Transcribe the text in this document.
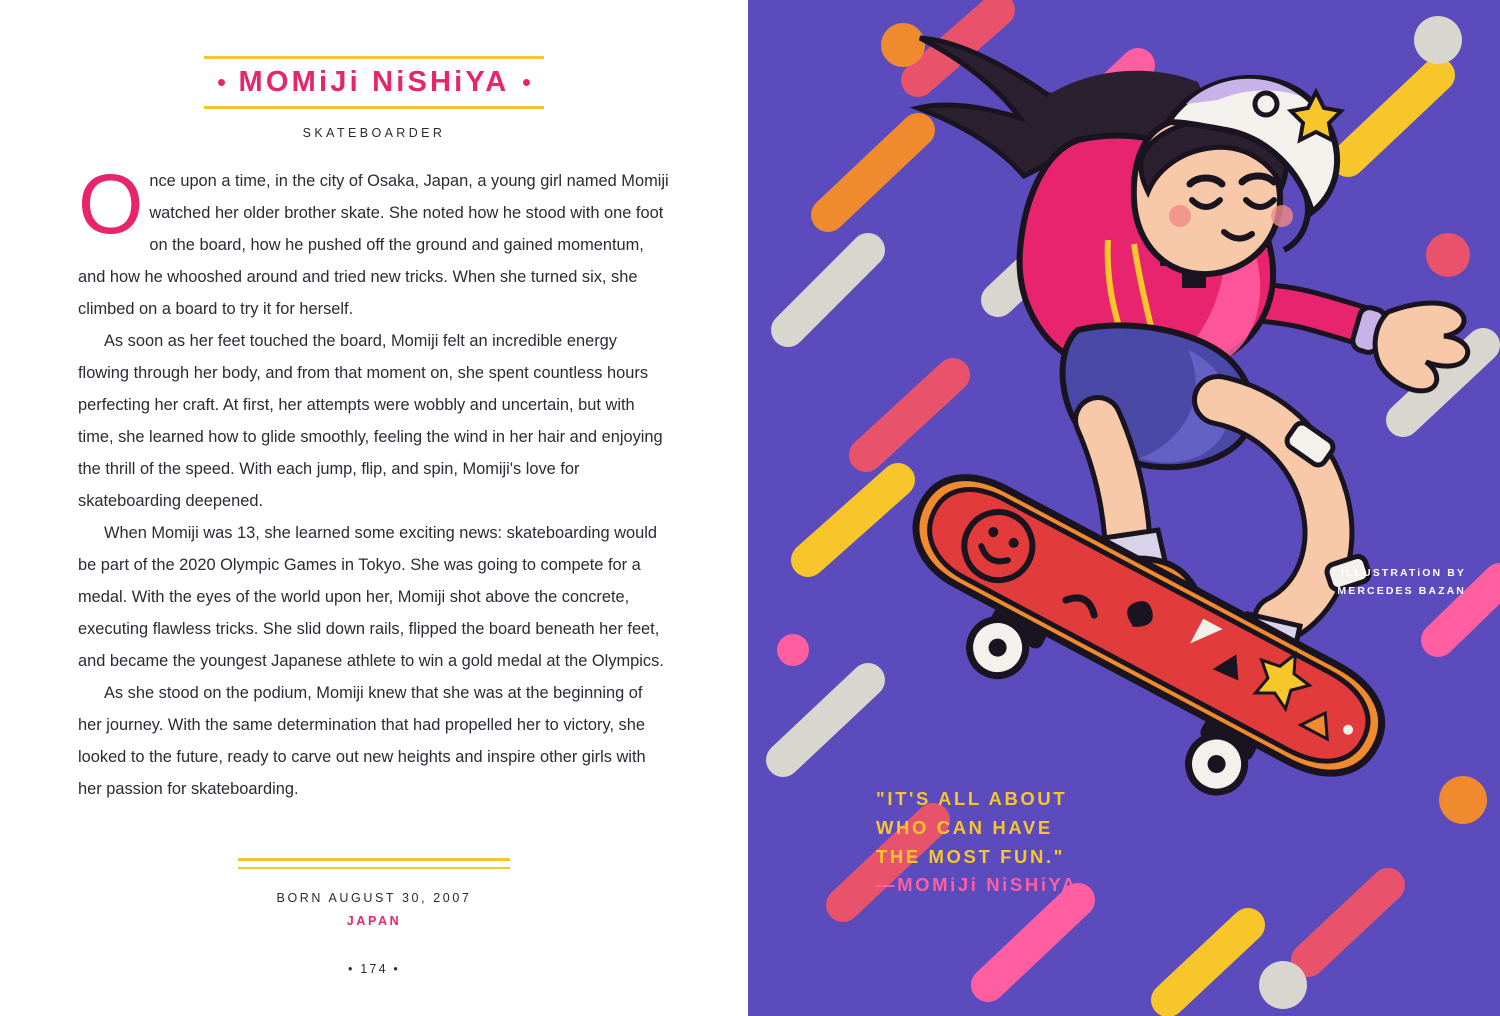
MOMiJi NiSHiYA
SKATEBOARDER

Once upon a time, in the city of Osaka, Japan, a young girl named Momiji watched her older brother skate. She noted how he stood with one foot on the board, how he pushed off the ground and gained momentum, and how he whooshed around and tried new tricks. When she turned six, she climbed on a board to try it for herself.

As soon as her feet touched the board, Momiji felt an incredible energy flowing through her body, and from that moment on, she spent countless hours perfecting her craft. At first, her attempts were wobbly and uncertain, but with time, she learned how to glide smoothly, feeling the wind in her hair and enjoying the thrill of the speed. With each jump, flip, and spin, Momiji's love for skateboarding deepened.

When Momiji was 13, she learned some exciting news: skateboarding would be part of the 2020 Olympic Games in Tokyo. She was going to compete for a medal. With the eyes of the world upon her, Momiji shot above the concrete, executing flawless tricks. She slid down rails, flipped the board beneath her feet, and became the youngest Japanese athlete to win a gold medal at the Olympics.

As she stood on the podium, Momiji knew that she was at the beginning of her journey. With the same determination that had propelled her to victory, she looked to the future, ready to carve out new heights and inspire other girls with her passion for skateboarding.

BORN AUGUST 30, 2007
JAPAN
• 174 •
ILLUSTRATiON BY
MERCEDES BAZAN
"IT'S ALL ABOUT
WHO CAN HAVE
THE MOST FUN."
—MOMiJi NiSHiYA
